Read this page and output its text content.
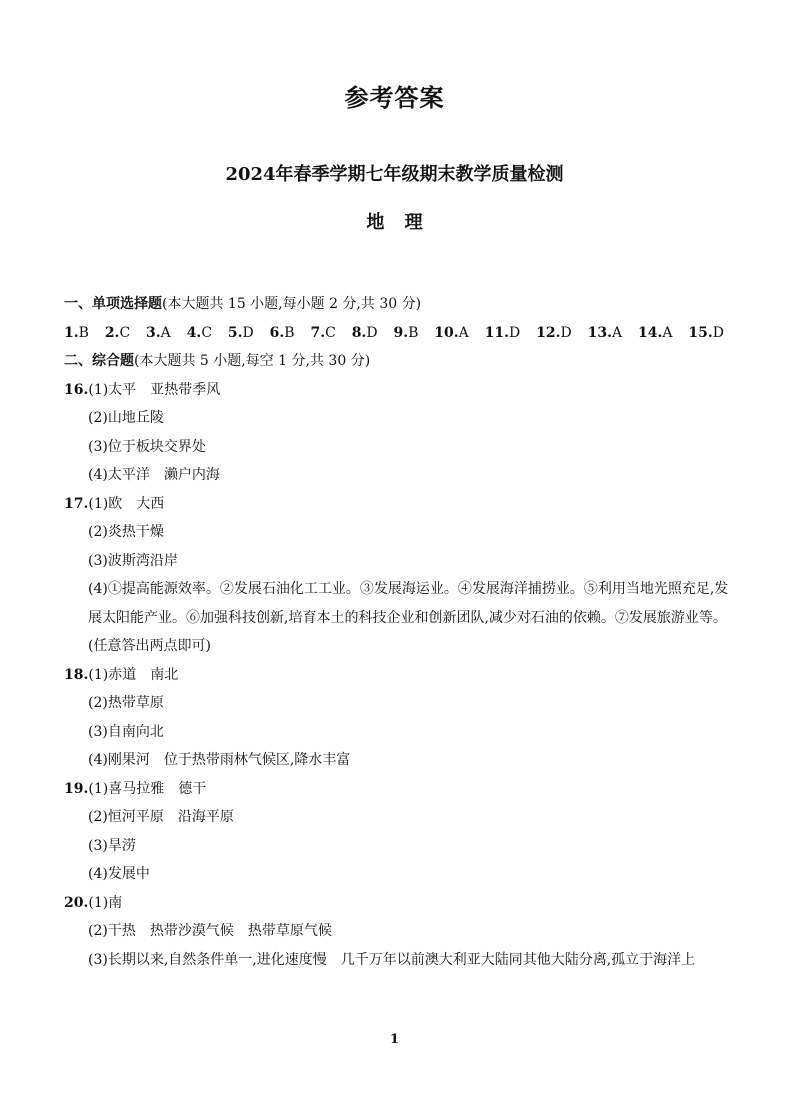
参考答案
2024年春季学期七年级期末教学质量检测
地 理
一、单项选择题(本大题共 15 小题,每小题 2 分,共 30 分)
1.B 2.C 3.A 4.C 5.D 6.B 7.C 8.D 9.B 10.A 11.D 12.D 13.A 14.A 15.D
二、综合题(本大题共 5 小题,每空 1 分,共 30 分)
16.(1)太平　亚热带季风
(2)山地丘陵
(3)位于板块交界处
(4)太平洋　濑户内海
17.(1)欧　大西
(2)炎热干燥
(3)波斯湾沿岸
(4)①提高能源效率。②发展石油化工工业。③发展海运业。④发展海洋捕捞业。⑤利用当地光照充足,发展太阳能产业。⑥加强科技创新,培育本土的科技企业和创新团队,减少对石油的依赖。⑦发展旅游业等。(任意答出两点即可)
18.(1)赤道　南北
(2)热带草原
(3)自南向北
(4)刚果河　位于热带雨林气候区,降水丰富
19.(1)喜马拉雅　德干
(2)恒河平原　沿海平原
(3)旱涝
(4)发展中
20.(1)南
(2)干热　热带沙漠气候　热带草原气候
(3)长期以来,自然条件单一,进化速度慢　几千万年以前澳大利亚大陆同其他大陆分离,孤立于海洋上
1
